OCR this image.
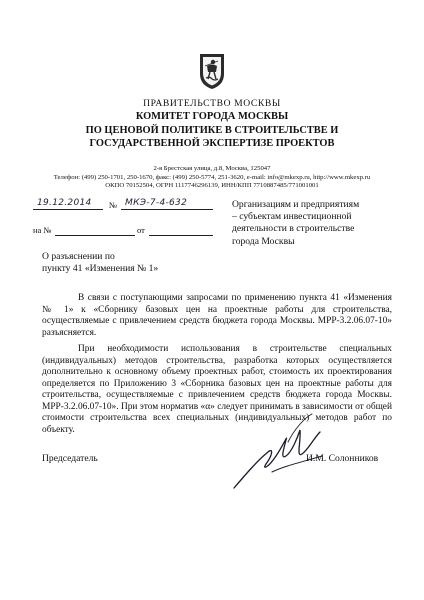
ПРАВИТЕЛЬСТВО МОСКВЫ
КОМИТЕТ ГОРОДА МОСКВЫ
ПО ЦЕНОВОЙ ПОЛИТИКЕ В СТРОИТЕЛЬСТВЕ И
ГОСУДАРСТВЕННОЙ ЭКСПЕРТИЗЕ ПРОЕКТОВ
2-я Брестская улица, д.8, Москва, 125047
Телефон: (499) 250-1701, 250-1670, факс: (499) 250-5774, 251-3620, e-mail: info@mkexp.ru, http://www.mkexp.ru
ОКПО 70152504, ОГРН 1117746296139, ИНН/КПП 7710887485/771001001
19.12.2014 № МКЭ-7-4-632
на №	от
Организациям и предприятиям
– субъектам инвестиционной
деятельности в строительстве
города Москвы
О разъяснении по
пункту 41 «Изменения № 1»

В связи с поступающими запросами по применению пункта 41 «Изменения № 1» к «Сборнику базовых цен на проектные работы для строительства, осуществляемые с привлечением средств бюджета города Москвы. МРР-3.2.06.07-10» разъясняется.

При необходимости использования в строительстве специальных (индивидуальных) методов строительства, разработка которых осуществляется дополнительно к основному объему проектных работ, стоимость их проектирования определяется по Приложению 3 «Сборника базовых цен на проектные работы для строительства, осуществляемые с привлечением средств бюджета города Москвы. МРР-3.2.06.07-10». При этом норматив «α» следует принимать в зависимости от общей стоимости строительства всех специальных (индивидуальных) методов работ по объекту.

Председатель	И.М. Солонников
